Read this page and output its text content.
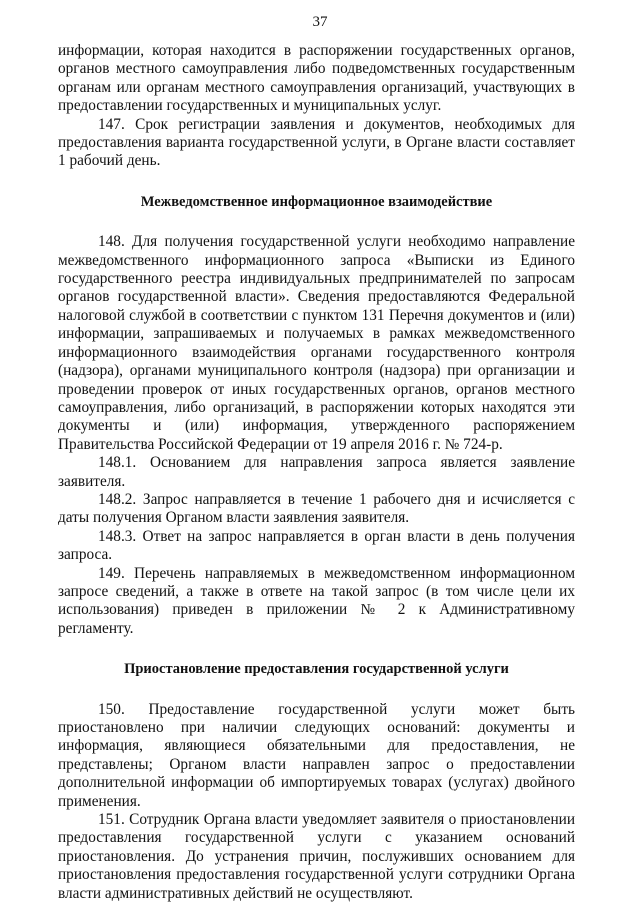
37

информации, которая находится в распоряжении государственных органов, органов местного самоуправления либо подведомственных государственным органам или органам местного самоуправления организаций, участвующих в предоставлении государственных и муниципальных услуг.

147. Срок регистрации заявления и документов, необходимых для предоставления варианта государственной услуги, в Органе власти составляет 1 рабочий день.

Межведомственное информационное взаимодействие

148. Для получения государственной услуги необходимо направление межведомственного информационного запроса «Выписки из Единого государственного реестра индивидуальных предпринимателей по запросам органов государственной власти». Сведения предоставляются Федеральной налоговой службой в соответствии с пунктом 131 Перечня документов и (или) информации, запрашиваемых и получаемых в рамках межведомственного информационного взаимодействия органами государственного контроля (надзора), органами муниципального контроля (надзора) при организации и проведении проверок от иных государственных органов, органов местного самоуправления, либо организаций, в распоряжении которых находятся эти документы и (или) информация, утвержденного распоряжением Правительства Российской Федерации от 19 апреля 2016 г. № 724-р.

148.1. Основанием для направления запроса является заявление заявителя.

148.2. Запрос направляется в течение 1 рабочего дня и исчисляется с даты получения Органом власти заявления заявителя.

148.3. Ответ на запрос направляется в орган власти в день получения запроса.

149. Перечень направляемых в межведомственном информационном запросе сведений, а также в ответе на такой запрос (в том числе цели их использования) приведен в приложении № 2 к Административному регламенту.

Приостановление предоставления государственной услуги

150. Предоставление государственной услуги может быть приостановлено при наличии следующих оснований: документы и информация, являющиеся обязательными для предоставления, не представлены; Органом власти направлен запрос о предоставлении дополнительной информации об импортируемых товарах (услугах) двойного применения.

151. Сотрудник Органа власти уведомляет заявителя о приостановлении предоставления государственной услуги с указанием оснований приостановления. До устранения причин, послуживших основанием для приостановления предоставления государственной услуги сотрудники Органа власти административных действий не осуществляют.
